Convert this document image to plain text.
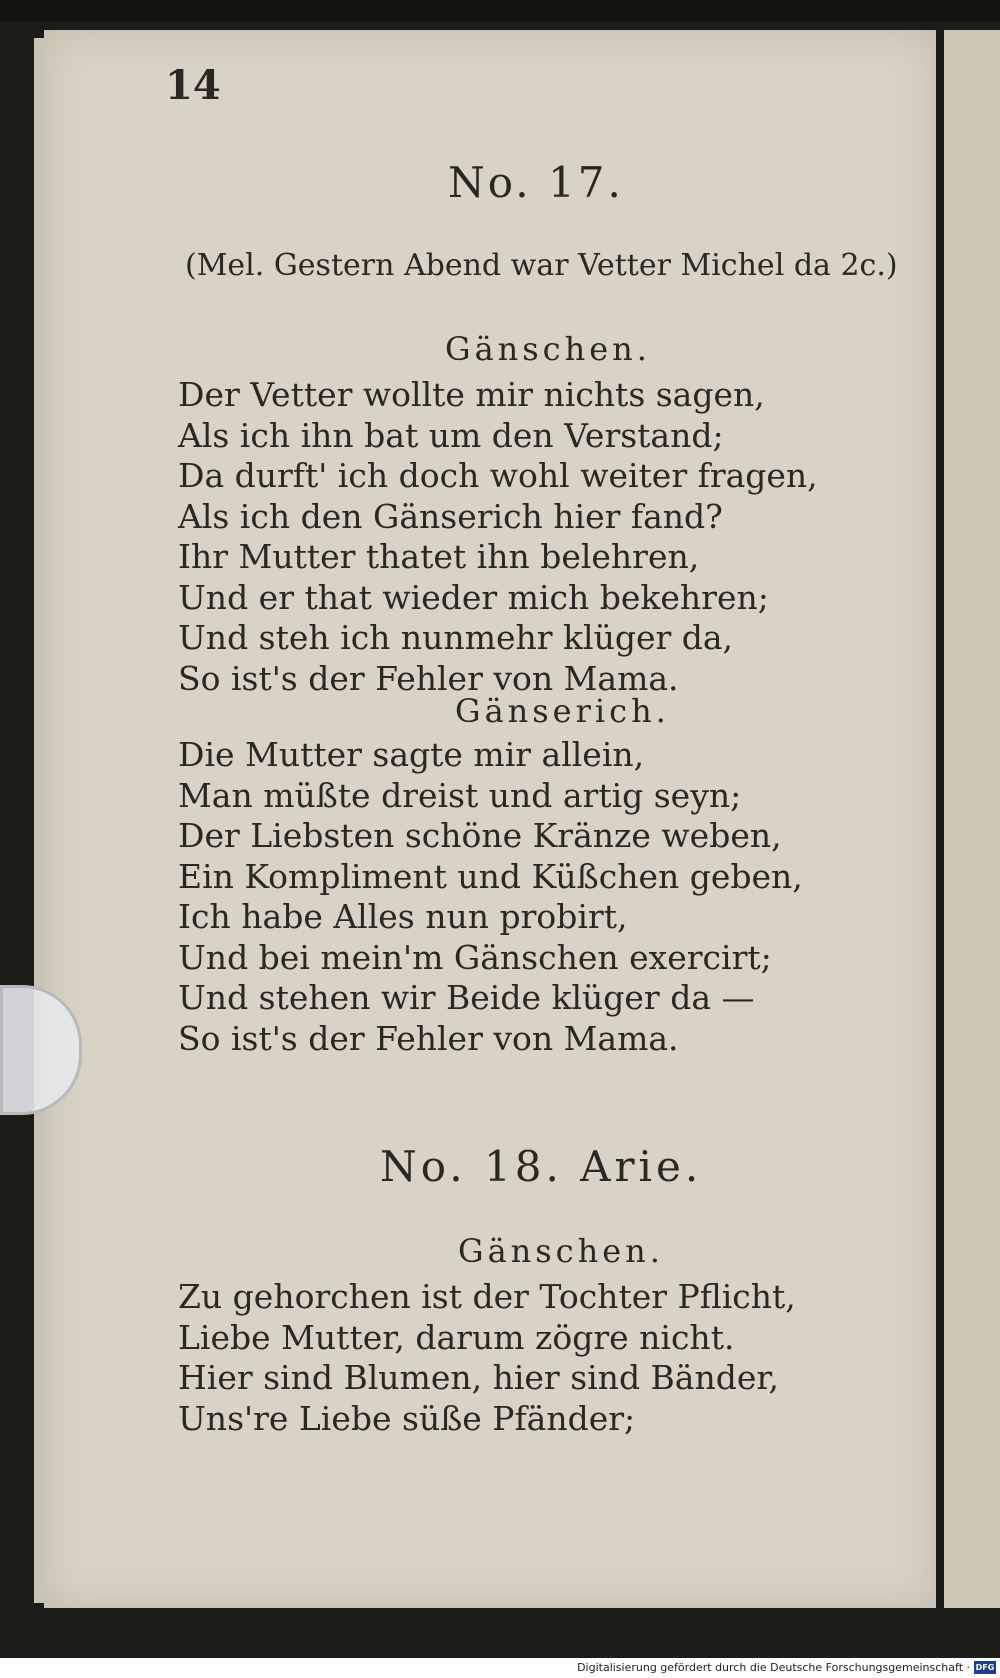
14
No. 17.
(Mel. Gestern Abend war Vetter Michel da 2c.)
Gänschen.
Der Vetter wollte mir nichts sagen,
Als ich ihn bat um den Verstand;
Da durft' ich doch wohl weiter fragen,
Als ich den Gänserich hier fand?
Ihr Mutter thatet ihn belehren,
Und er that wieder mich bekehren;
Und steh ich nunmehr klüger da,
So ist's der Fehler von Mama.
Gänserich.
Die Mutter sagte mir allein,
Man müßte dreist und artig seyn;
Der Liebsten schöne Kränze weben,
Ein Kompliment und Küßchen geben,
Ich habe Alles nun probirt,
Und bei mein'm Gänschen exercirt;
Und stehen wir Beide klüger da —
So ist's der Fehler von Mama.
No. 18. Arie.
Gänschen.
Zu gehorchen ist der Tochter Pflicht,
Liebe Mutter, darum zögre nicht.
Hier sind Blumen, hier sind Bänder,
Uns're Liebe süße Pfänder;
Digitalisierung gefördert durch die Deutsche Forschungsgemeinschaft · DFG
